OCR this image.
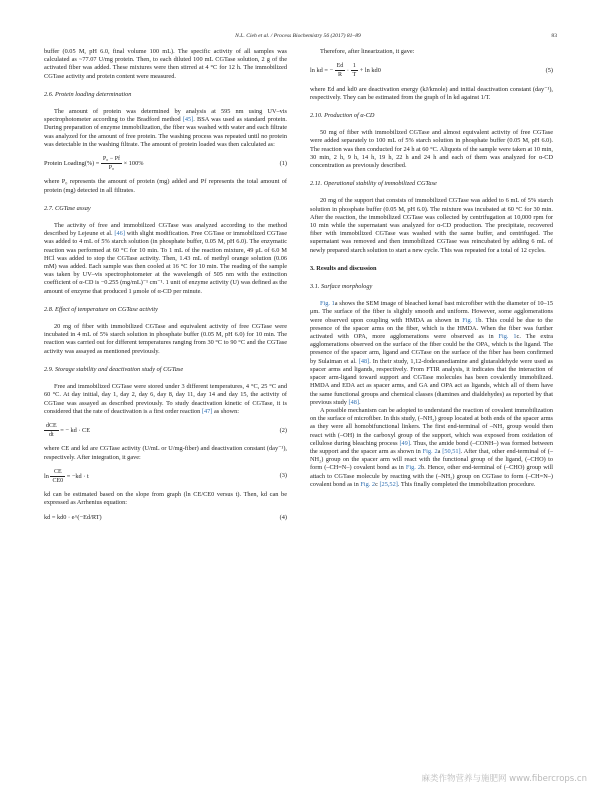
N.L. Cieh et al. / Process Biochemistry 56 (2017) 81–89	83

buffer (0.05 M, pH 6.0, final volume 100 mL). The specific activity of all samples was calculated as ~77.07 U/mg protein. Then, to each diluted 100 mL CGTase solution, 2 g of the activated fiber was added. These mixtures were then stirred at 4 °C for 12 h. The immobilized CGTase activity and protein content were measured.

2.6. Protein loading determination

The amount of protein was determined by analysis at 595 nm using UV–vis spectrophotometer according to the Bradford method [45]. BSA was used as standard protein. During preparation of enzyme immobilization, the fiber was washed with water and each filtrate was analyzed for the amount of free protein. The washing process was repeated until no protein was detectable in the washing filtrate. The amount of protein loaded was then calculated as:

Protein Loading(%) = $\frac{\text{P₀ − Pf}}{\text{P₀}} \times 100\%$	(1)

where P₀ represents the amount of protein (mg) added and Pf represents the total amount of protein (mg) detected in all filtrates.

2.7. CGTase assay

The activity of free and immobilized CGTase was analyzed according to the method described by Lejeune et al. [46] with slight modification. Free CGTase or immobilized CGTase was added to 4 mL of 5% starch solution (in phosphate buffer, 0.05 M, pH 6.0). The enzymatic reaction was performed at 60 °C for 10 min. To 1 mL of the reaction mixture, 49 μL of 6.0 M HCl was added to stop the CGTase activity. Then, 1.43 mL of methyl orange solution (0.06 mM) was added. Each sample was then cooled at 16 °C for 10 min. The reading of the sample was taken by UV–vis spectrophotometer at the wavelength of 505 nm with the extinction coefficient of α-CD is −0.255 (mg/mL)⁻¹ cm⁻¹. 1 unit of enzyme activity (U) was defined as the amount of enzyme that produced 1 μmole of α-CD per minute.

2.8. Effect of temperature on CGTase activity

20 mg of fiber with immobilized CGTase and equivalent activity of free CGTase were incubated in 4 mL of 5% starch solution in phosphate buffer (0.05 M, pH 6.0) for 10 min. The reaction was carried out for different temperatures ranging from 30 °C to 90 °C and the CGTase activity was assayed as mentioned previously.

2.9. Storage stability and deactivation study of CGTase

Free and immobilized CGTase were stored under 3 different temperatures, 4 °C, 25 °C and 60 °C. At day initial, day 1, day 2, day 6, day 8, day 11, day 14 and day 15, the activity of CGTase was assayed as described previously. To study deactivation kinetic of CGTase, it is considered that the rate of deactivation is a first order reaction [47] as shown:

$\frac{\text{dCE}}{dt}$ = − kd · CE	(2)

where CE and kd are CGTase activity (U/mL or U/mg-fiber) and deactivation constant (day⁻¹), respectively. After integration, it gave:

$\ln \frac{CE}{CE0} = -kd \cdot t$	(3)

kd can be estimated based on the slope from graph (ln CE/CE0 versus t). Then, kd can be expressed as Arrhenius equation:

kd = kd0 · e^(−Ed/RT)	(4)

Therefore, after linearization, it gave:

ln kd = − $\frac{Ed}{R} \cdot \frac{1}{T} + \ln kd0$	(5)

where Ed and kd0 are deactivation energy (kJ/kmole) and initial deactivation constant (day⁻¹), respectively. They can be estimated from the graph of ln kd against 1/T.

2.10. Production of α-CD

50 mg of fiber with immobilized CGTase and almost equivalent activity of free CGTase were added separately to 100 mL of 5% starch solution in phosphate buffer (0.05 M, pH 6.0). The reaction was then conducted for 24 h at 60 °C. Aliquots of the sample were taken at 10 min, 30 min, 2 h, 9 h, 14 h, 19 h, 22 h and 24 h and each of them was analyzed for α-CD concentration as previously described.

2.11. Operational stability of immobilized CGTase

20 mg of the support that consists of immobilized CGTase was added to 6 mL of 5% starch solution in phosphate buffer (0.05 M, pH 6.0). The mixture was incubated at 60 °C for 30 min. After the reaction, the immobilized CGTase was collected by centrifugation at 10,000 rpm for 10 min while the supernatant was analyzed for α-CD production. The precipitate, recovered fiber with immobilized CGTase was washed with the same buffer, and centrifuged. The supernatant was removed and then immobilized CGTase was reincubated by adding 6 mL of newly prepared starch solution to start a new cycle. This was repeated for a total of 12 cycles.

3. Results and discussion

3.1. Surface morphology

Fig. 1a shows the SEM image of bleached kenaf bast microfiber with the diameter of 10–15 μm. The surface of the fiber is slightly smooth and uniform. However, some agglomerations were observed upon coupling with HMDA as shown in Fig. 1b. This could be due to the presence of the spacer arms on the fiber, which is the HMDA. When the fiber was further activated with OPA, more agglomerations were observed as in Fig. 1c. The extra agglomerations observed on the surface of the fiber could be the OPA, which is the ligand. The presence of the spacer arm, ligand and CGTase on the surface of the fiber has been confirmed by Sulaiman et al. [48]. In their study, 1,12-dodecanediamine and glutaraldehyde were used as spacer arms and ligands, respectively. From FTIR analysis, it indicates that the interaction of spacer arm-ligand toward support and CGTase molecules has been covalently immobilized. HMDA and EDA act as spacer arms, and GA and OPA act as ligands, which all of them have the same functional groups and chemical classes (diamines and dialdehydes) as reported by that previous study [48].

A possible mechanism can be adopted to understand the reaction of covalent immobilization on the surface of microfiber. In this study, (–NH₂) group located at both ends of the spacer arms as they were all homobifunctional linkers. The first end-terminal of –NH₂ group would then react with (–OH) in the carboxyl group of the support, which was exposed from oxidation of cellulose during bleaching process [49]. Thus, the amide bond (–CONH–) was formed between the support and the spacer arm as shown in Fig. 2a [50,51]. After that, other end-terminal of (–NH₂) group on the spacer arm will react with the functional group of the ligand, (–CHO) to form (–CH=N–) covalent bond as in Fig. 2b. Hence, other end-terminal of (–CHO) group will attach to CGTase molecule by reacting with the (–NH₂) group on CGTase to form (–CH=N–) covalent bond as in Fig. 2c [25,52]. This finally completed the immobilization procedure.

麻类作物营养与施肥网 www.fibercrops.cn
